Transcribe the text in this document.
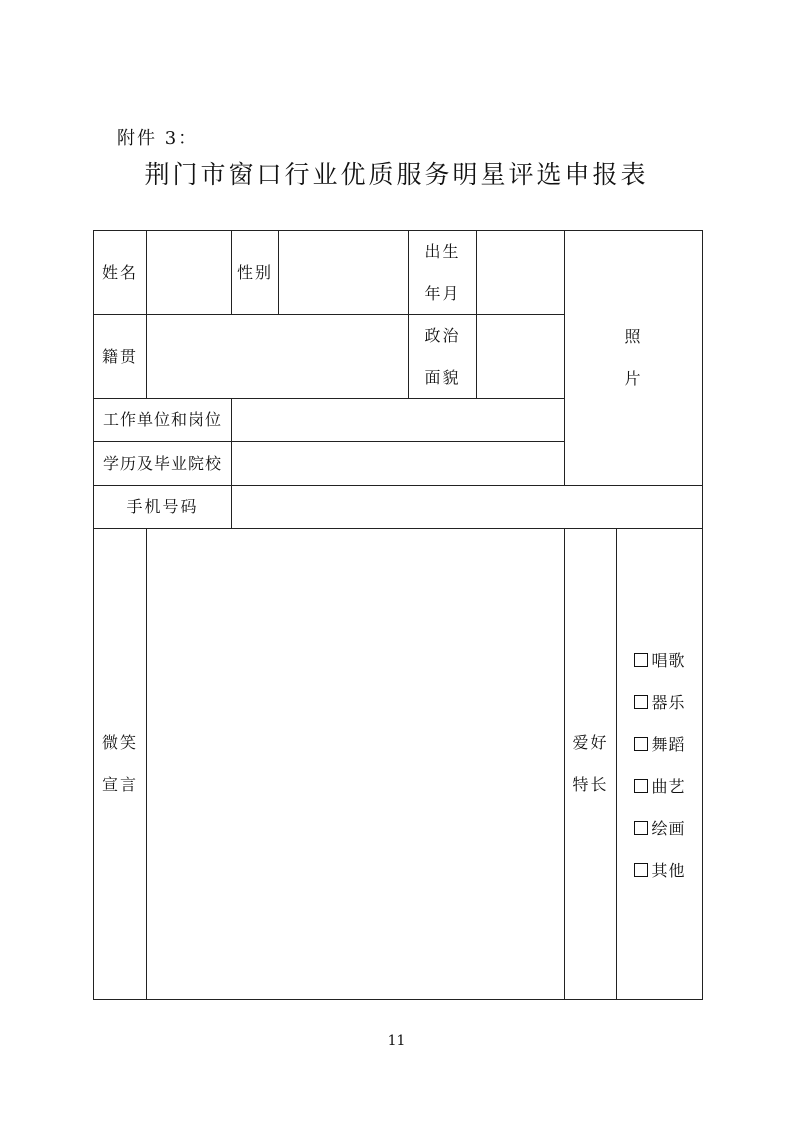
附件 3：
荆门市窗口行业优质服务明星评选申报表
姓名	性别
出生
年月
照
片
籍贯
政治
面貌
工作单位和岗位
学历及毕业院校
手机号码
微笑
宣言
爱好
特长
唱歌
器乐
舞蹈
曲艺
绘画
其他
11
